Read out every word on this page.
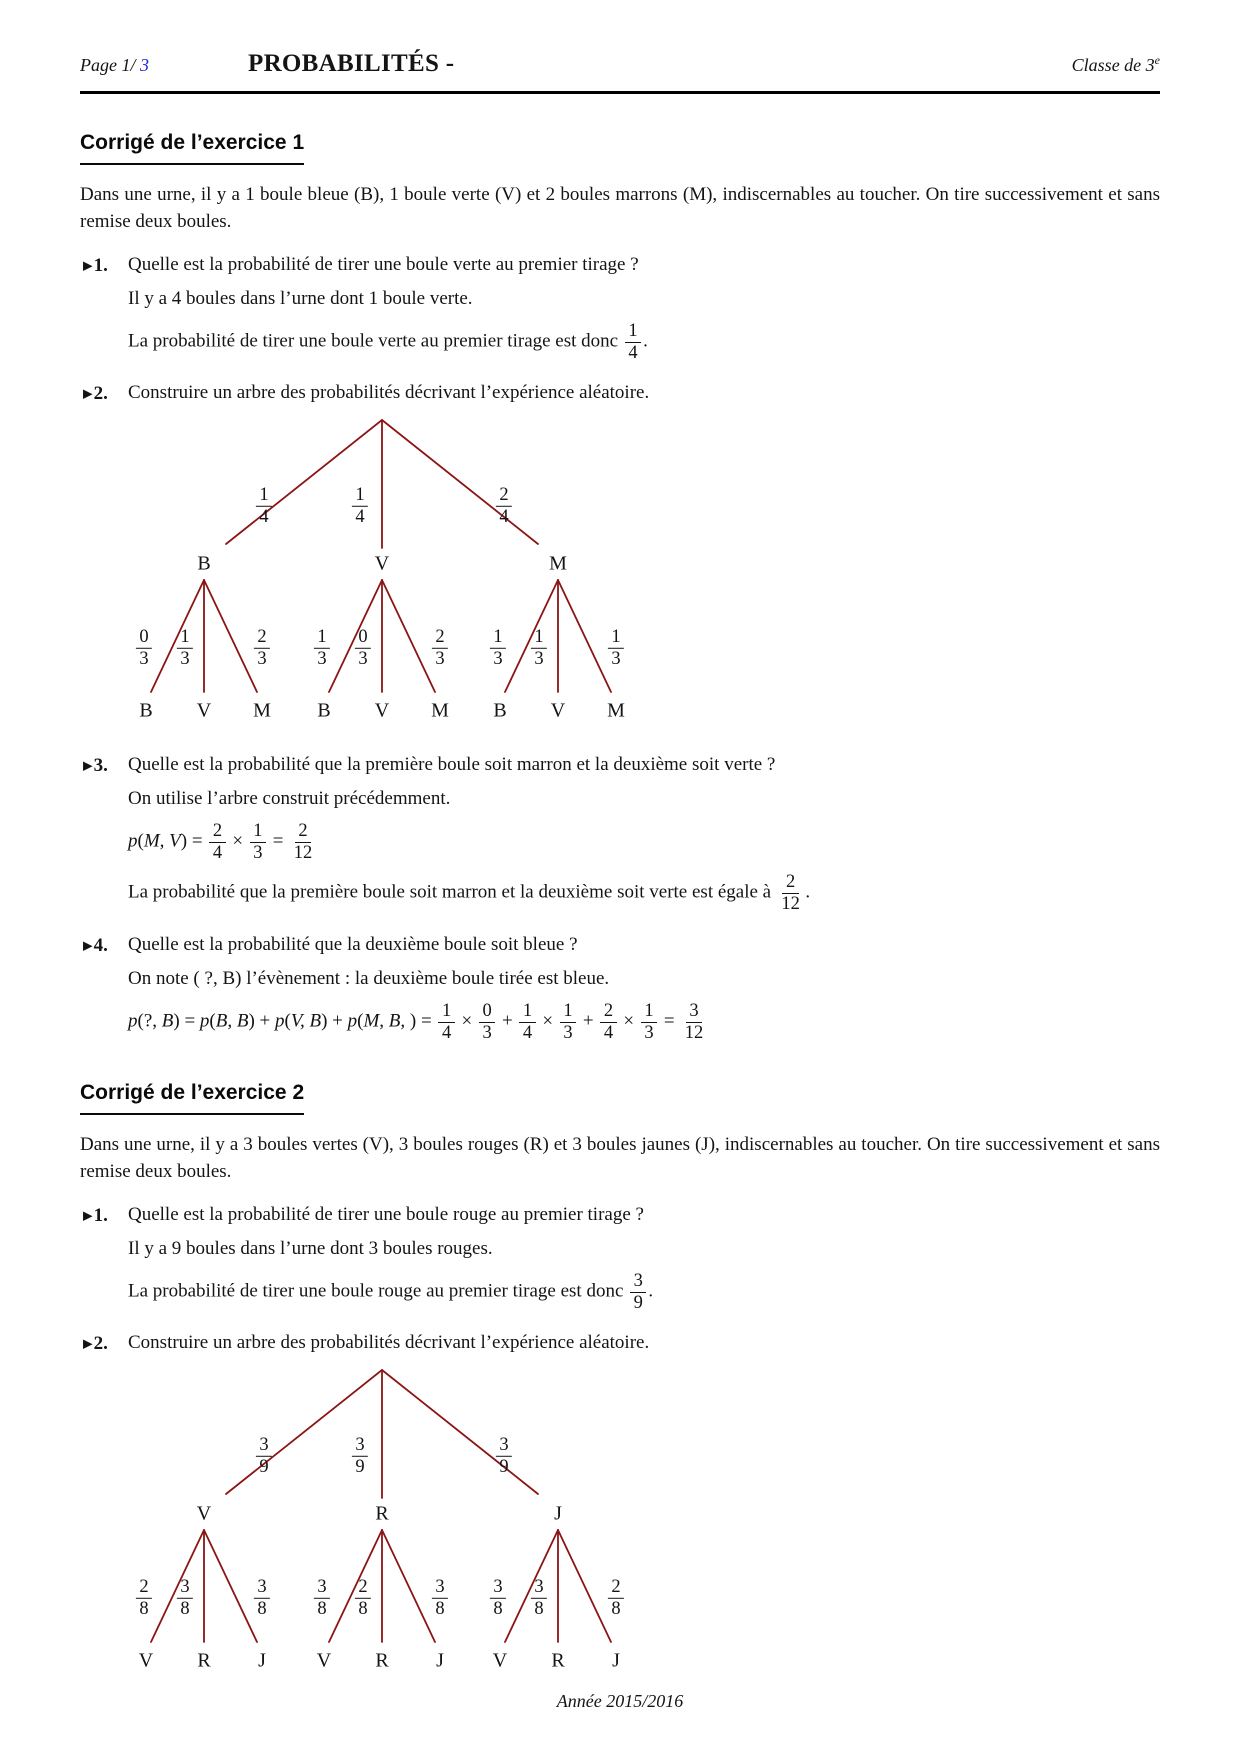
Page 1/ 3	PROBABILITÉS -	Classe de 3e
Corrigé de l’exercice 1

Dans une urne, il y a 1 boule bleue (B), 1 boule verte (V) et 2 boules marrons (M), indiscernables au toucher. On tire successivement et sans remise deux boules.

▶1. Quelle est la probabilité de tirer une boule verte au premier tirage ?

Il y a 4 boules dans l’urne dont 1 boule verte.

La probabilité de tirer une boule verte au premier tirage est donc $\frac{1}{4}$ .

▶2. Construire un arbre des probabilités décrivant l’expérience aléatoire.

$\frac{1}{4}$
B
$\frac{0}{3}$
B
$\frac{1}{3}$
V
$\frac{2}{3}$
M
$\frac{1}{4}$
V
$\frac{1}{3}$
B
$\frac{0}{3}$
V
$\frac{2}{3}$
M
$\frac{2}{4}$
M
$\frac{1}{3}$
B
$\frac{1}{3}$
V
$\frac{1}{3}$
M
▶3. Quelle est la probabilité que la première boule soit marron et la deuxième soit verte ?

On utilise l’arbre construit précédemment.

p(M, $V) = \frac{2}{4} \times \frac{1}{3} = \frac{2}{12}$

La probabilité que la première boule soit marron et la deuxième soit verte est égale à $\frac{2}{12}$ .

▶4. Quelle est la probabilité que la deuxième boule soit bleue ?

On note ( ?, B) l’évènement : la deuxième boule tirée est bleue.

p(?, B) = p(B, B) + p(V, B) + p(M, B, ) = $\frac{1}{4} \times \frac{0}{3} + \frac{1}{4} \times \frac{1}{3} + \frac{2}{4} \times \frac{1}{3} = \frac{3}{12}$

Corrigé de l’exercice 2

Dans une urne, il y a 3 boules vertes (V), 3 boules rouges (R) et 3 boules jaunes (J), indiscernables au toucher. On tire successivement et sans remise deux boules.

▶1. Quelle est la probabilité de tirer une boule rouge au premier tirage ?

Il y a 9 boules dans l’urne dont 3 boules rouges.

La probabilité de tirer une boule rouge au premier tirage est donc $\frac{3}{9}$ .

▶2. Construire un arbre des probabilités décrivant l’expérience aléatoire.

$\frac{3}{9}$
V
$\frac{2}{8}$
V
$\frac{3}{8}$
R
$\frac{3}{8}$
J
$\frac{3}{9}$
R
$\frac{3}{8}$
V
$\frac{2}{8}$
R
$\frac{3}{8}$
J
$\frac{3}{9}$
J
$\frac{3}{8}$
V
$\frac{3}{8}$
R
$\frac{2}{8}$
J
Année 2015/2016
